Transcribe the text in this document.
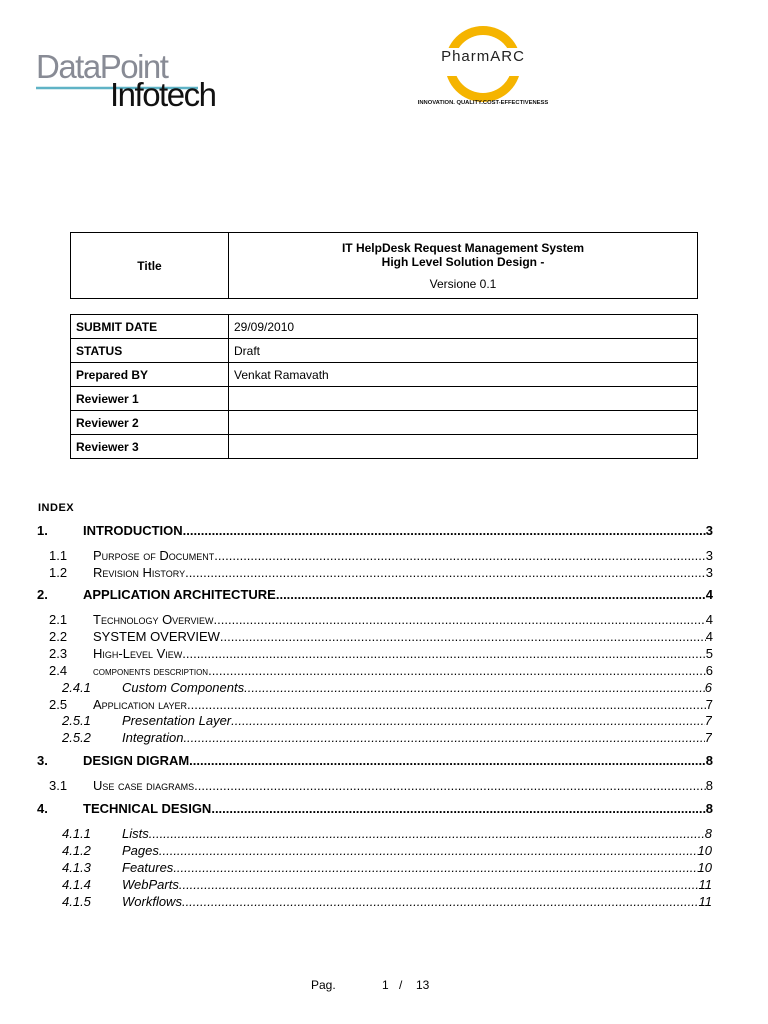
DataPoint
Infotech
PharmARC
INNOVATION. QUALITY.COST-EFFECTIVENESS
Title	
IT HelpDesk Request Management System
High Level Solution Design -
Versione 0.1
SUBMIT DATE	29/09/2010
STATUS	Draft
Prepared BY	Venkat Ramavath
Reviewer 1	
Reviewer 2	
Reviewer 3	
INDEX
1.	INTRODUCTION .....	3
1.1	Purpose of Document .....	3
1.2	Revision History .....	3
2.	APPLICATION ARCHITECTURE .....	4
2.1	Technology Overview .....	4
2.2	SYSTEM OVERVIEW .....	4
2.3	High-Level View .....	5
2.4	components description .....	6
2.4.1	Custom Components .....	6
2.5	Application layer .....	7
2.5.1	Presentation Layer .....	7
2.5.2	Integration .....	7
3.	DESIGN DIGRAM .....	8
3.1	Use case diagrams .....	8
4.	TECHNICAL DESIGN .....	8
4.1.1	Lists .....	8
4.1.2	Pages .....	10
4.1.3	Features .....	10
4.1.4	WebParts .....	11
4.1.5	Workflows .....	11
Pag.	1 / 13
